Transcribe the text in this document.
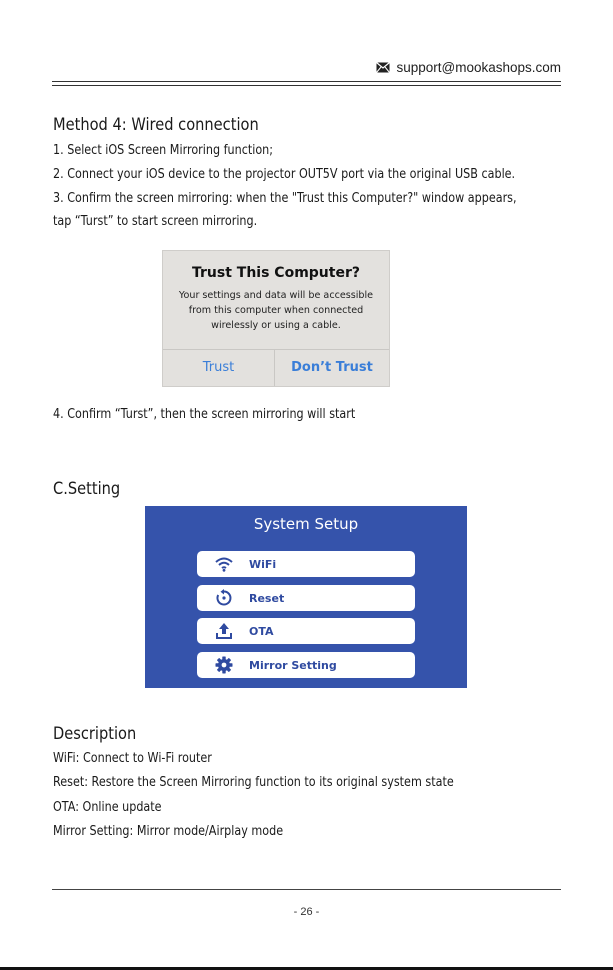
support@mookashops.com
Method 4: Wired connection
1. Select iOS Screen Mirroring function;
2. Connect your iOS device to the projector OUT5V port via the original USB cable.
3. Confirm the screen mirroring: when the "Trust this Computer?" window appears,
tap “Turst” to start screen mirroring.
Trust This Computer?
Your settings and data will be accessible from this computer when connected wirelessly or using a cable.
Trust	Don’t Trust
4. Confirm “Turst”, then the screen mirroring will start
C.Setting
System Setup
WiFi
Reset
OTA
Mirror Setting
Description
WiFi: Connect to Wi-Fi router
Reset: Restore the Screen Mirroring function to its original system state
OTA: Online update
Mirror Setting: Mirror mode/Airplay mode
- 26 -
